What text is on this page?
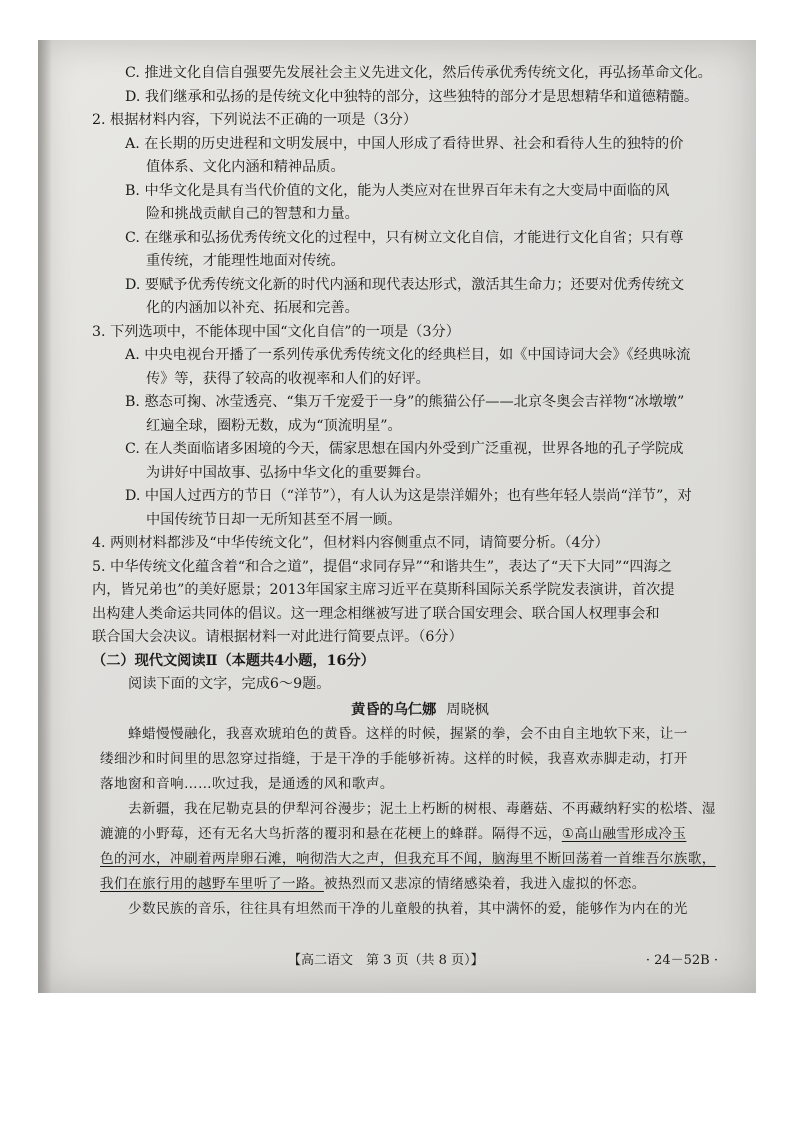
C. 推进文化自信自强要先发展社会主义先进文化，然后传承优秀传统文化，再弘扬革命文化。

D. 我们继承和弘扬的是传统文化中独特的部分，这些独特的部分才是思想精华和道德精髓。

2. 根据材料内容，下列说法不正确的一项是（3分）

A. 在长期的历史进程和文明发展中，中国人形成了看待世界、社会和看待人生的独特的价

值体系、文化内涵和精神品质。

B. 中华文化是具有当代价值的文化，能为人类应对在世界百年未有之大变局中面临的风

险和挑战贡献自己的智慧和力量。

C. 在继承和弘扬优秀传统文化的过程中，只有树立文化自信，才能进行文化自省；只有尊

重传统，才能理性地面对传统。

D. 要赋予优秀传统文化新的时代内涵和现代表达形式，激活其生命力；还要对优秀传统文

化的内涵加以补充、拓展和完善。

3. 下列选项中，不能体现中国“文化自信”的一项是（3分）

A. 中央电视台开播了一系列传承优秀传统文化的经典栏目，如《中国诗词大会》《经典咏流

传》等，获得了较高的收视率和人们的好评。

B. 憨态可掬、冰莹透亮、“集万千宠爱于一身”的熊猫公仔——北京冬奥会吉祥物“冰墩墩”

红遍全球，圈粉无数，成为“顶流明星”。

C. 在人类面临诸多困境的今天，儒家思想在国内外受到广泛重视，世界各地的孔子学院成

为讲好中国故事、弘扬中华文化的重要舞台。

D. 中国人过西方的节日（“洋节”），有人认为这是崇洋媚外；也有些年轻人崇尚“洋节”，对

中国传统节日却一无所知甚至不屑一顾。

4. 两则材料都涉及“中华传统文化”，但材料内容侧重点不同，请简要分析。（4分）

5. 中华传统文化蕴含着“和合之道”，提倡“求同存异”“和谐共生”，表达了“天下大同”“四海之

内，皆兄弟也”的美好愿景；2013年国家主席习近平在莫斯科国际关系学院发表演讲，首次提

出构建人类命运共同体的倡议。这一理念相继被写进了联合国安理会、联合国人权理事会和

联合国大会决议。请根据材料一对此进行简要点评。（6分）

（二）现代文阅读Ⅱ（本题共4小题，16分）

阅读下面的文字，完成6～9题。

黄昏的乌仁娜 周晓枫

蜂蜡慢慢融化，我喜欢琥珀色的黄昏。这样的时候，握紧的拳，会不由自主地软下来，让一

缕细沙和时间里的思忽穿过指缝，于是干净的手能够祈祷。这样的时候，我喜欢赤脚走动，打开

落地窗和音响……吹过我，是通透的风和歌声。

去新疆，我在尼勒克县的伊犁河谷漫步；泥土上朽断的树根、毒蘑菇、不再藏纳籽实的松塔、湿

漉漉的小野莓，还有无名大鸟折落的覆羽和悬在花梗上的蜂群。隔得不远，①高山融雪形成冷玉

色的河水，冲刷着两岸卵石滩，响彻浩大之声，但我充耳不闻，脑海里不断回荡着一首维吾尔族歌，

我们在旅行用的越野车里听了一路。被热烈而又悲凉的情绪感染着，我进入虚拟的怀恋。

少数民族的音乐，往往具有坦然而干净的儿童般的执着，其中满怀的爱，能够作为内在的光

【高二语文　第 3 页（共 8 页）】	· 24－52B ·
